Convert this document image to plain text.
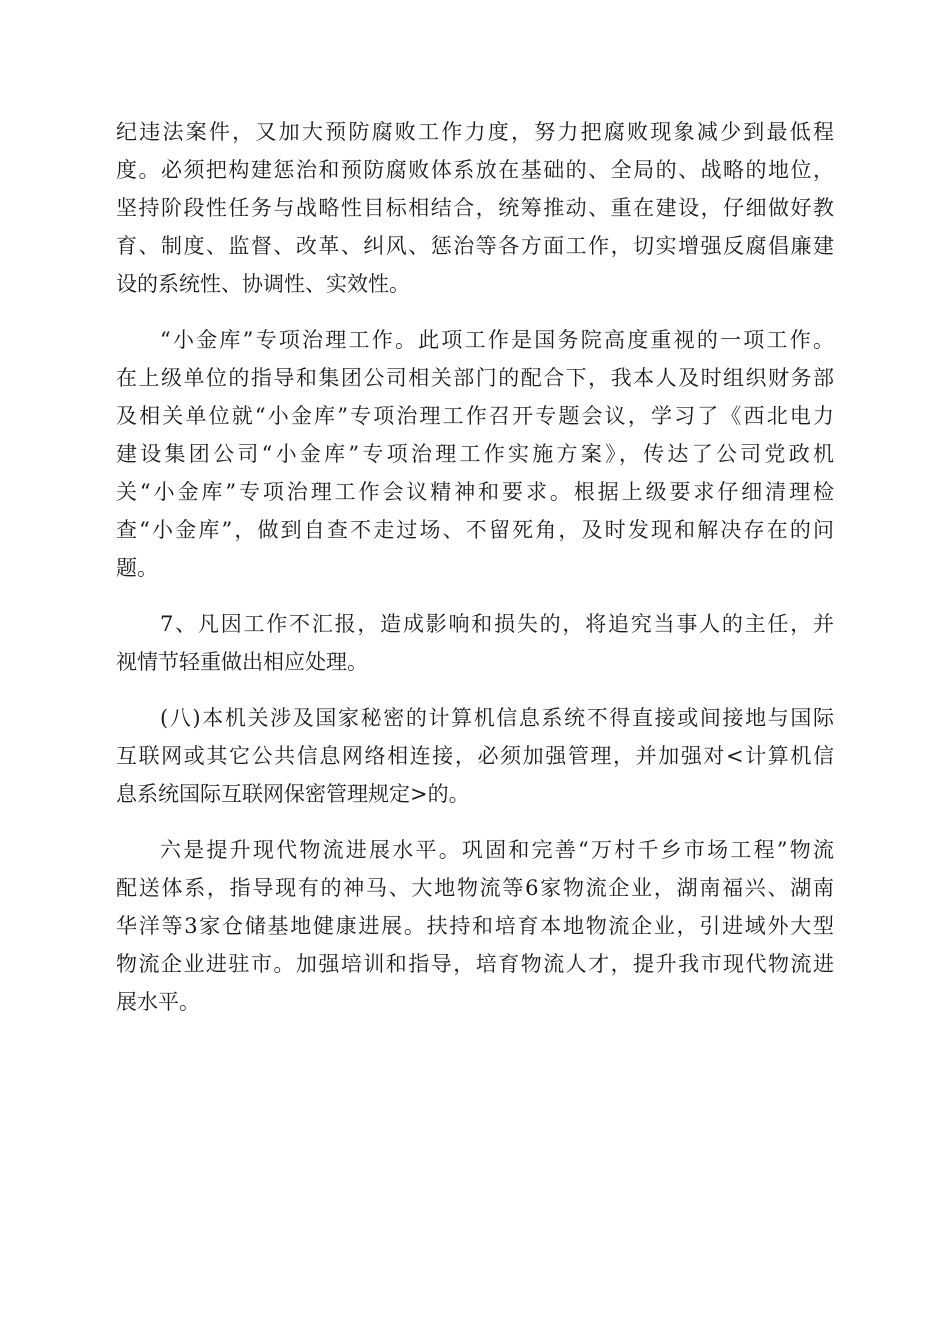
纪违法案件，又加大预防腐败工作力度，努力把腐败现象减少到最低程
度。必须把构建惩治和预防腐败体系放在基础的、全局的、战略的地位，
坚持阶段性任务与战略性目标相结合，统筹推动、重在建设，仔细做好教
育、制度、监督、改革、纠风、惩治等各方面工作，切实增强反腐倡廉建
设的系统性、协调性、实效性。
“小金库”专项治理工作。此项工作是国务院高度重视的一项工作。
在上级单位的指导和集团公司相关部门的配合下，我本人及时组织财务部
及相关单位就“小金库”专项治理工作召开专题会议，学习了《西北电力
建设集团公司“小金库”专项治理工作实施方案》，传达了公司党政机
关“小金库”专项治理工作会议精神和要求。根据上级要求仔细清理检
查“小金库”，做到自查不走过场、不留死角，及时发现和解决存在的问
题。
7、凡因工作不汇报，造成影响和损失的，将追究当事人的主任，并
视情节轻重做出相应处理。
(八)本机关涉及国家秘密的计算机信息系统不得直接或间接地与国际
互联网或其它公共信息网络相连接，必须加强管理，并加强对<计算机信
息系统国际互联网保密管理规定>的。
六是提升现代物流进展水平。巩固和完善“万村千乡市场工程”物流
配送体系，指导现有的神马、大地物流等6家物流企业，湖南福兴、湖南
华洋等3家仓储基地健康进展。扶持和培育本地物流企业，引进域外大型
物流企业进驻市。加强培训和指导，培育物流人才，提升我市现代物流进
展水平。
